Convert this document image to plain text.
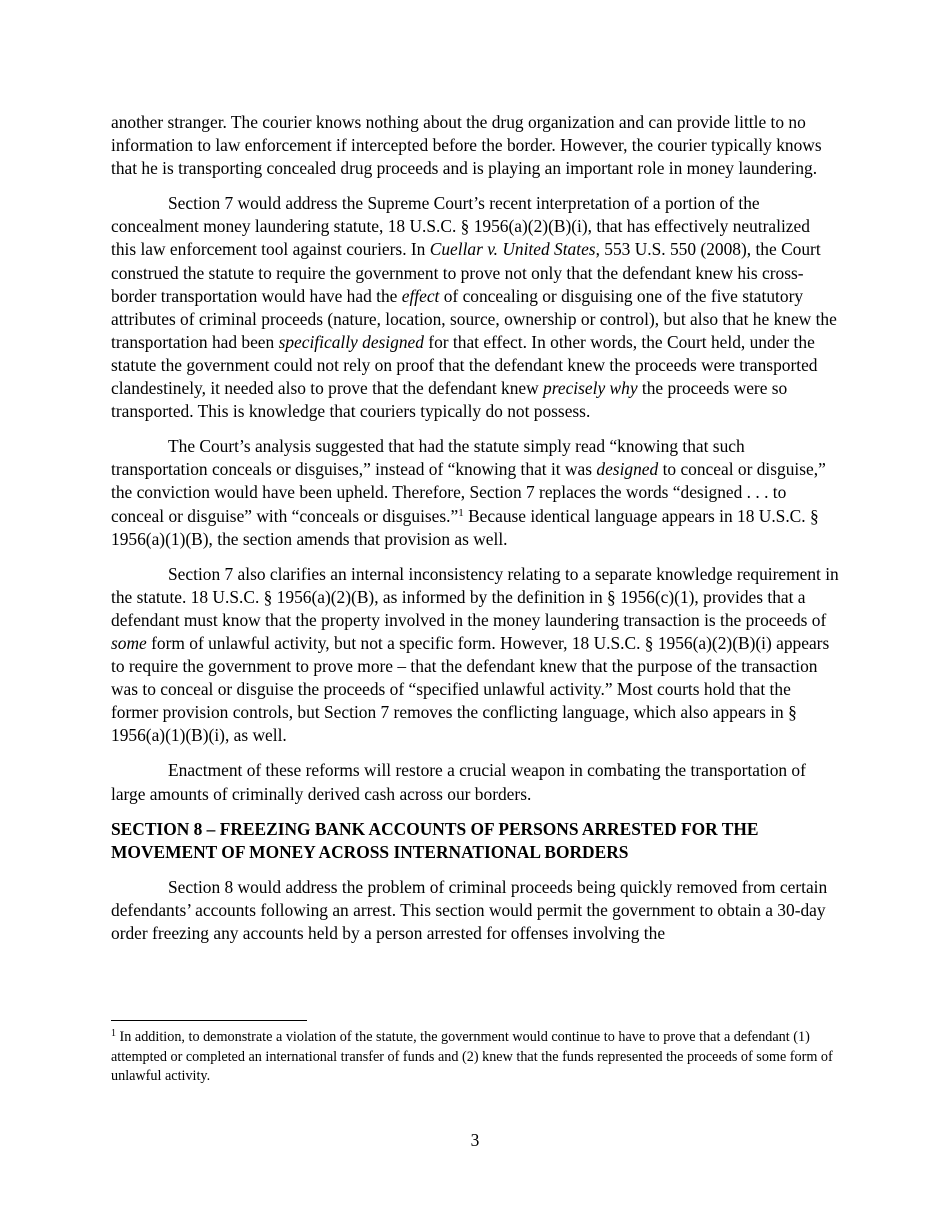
another stranger. The courier knows nothing about the drug organization and can provide little to no information to law enforcement if intercepted before the border. However, the courier typically knows that he is transporting concealed drug proceeds and is playing an important role in money laundering.

Section 7 would address the Supreme Court’s recent interpretation of a portion of the concealment money laundering statute, 18 U.S.C. § 1956(a)(2)(B)(i), that has effectively neutralized this law enforcement tool against couriers. In Cuellar v. United States, 553 U.S. 550 (2008), the Court construed the statute to require the government to prove not only that the defendant knew his cross-border transportation would have had the effect of concealing or disguising one of the five statutory attributes of criminal proceeds (nature, location, source, ownership or control), but also that he knew the transportation had been specifically designed for that effect. In other words, the Court held, under the statute the government could not rely on proof that the defendant knew the proceeds were transported clandestinely, it needed also to prove that the defendant knew precisely why the proceeds were so transported. This is knowledge that couriers typically do not possess.

The Court’s analysis suggested that had the statute simply read “knowing that such transportation conceals or disguises,” instead of “knowing that it was designed to conceal or disguise,” the conviction would have been upheld. Therefore, Section 7 replaces the words “designed . . . to conceal or disguise” with “conceals or disguises.”$^1$ Because identical language appears in 18 U.S.C. § 1956(a)(1)(B), the section amends that provision as well.

Section 7 also clarifies an internal inconsistency relating to a separate knowledge requirement in the statute. 18 U.S.C. § 1956(a)(2)(B), as informed by the definition in § 1956(c)(1), provides that a defendant must know that the property involved in the money laundering transaction is the proceeds of some form of unlawful activity, but not a specific form. However, 18 U.S.C. § 1956(a)(2)(B)(i) appears to require the government to prove more – that the defendant knew that the purpose of the transaction was to conceal or disguise the proceeds of “specified unlawful activity.” Most courts hold that the former provision controls, but Section 7 removes the conflicting language, which also appears in § 1956(a)(1)(B)(i), as well.

Enactment of these reforms will restore a crucial weapon in combating the transportation of large amounts of criminally derived cash across our borders.

SECTION 8 – FREEZING BANK ACCOUNTS OF PERSONS ARRESTED FOR THE MOVEMENT OF MONEY ACROSS INTERNATIONAL BORDERS

Section 8 would address the problem of criminal proceeds being quickly removed from certain defendants’ accounts following an arrest. This section would permit the government to obtain a 30-day order freezing any accounts held by a person arrested for offenses involving the

$^1$ In addition, to demonstrate a violation of the statute, the government would continue to have to prove that a defendant (1) attempted or completed an international transfer of funds and (2) knew that the funds represented the proceeds of some form of unlawful activity.
3
